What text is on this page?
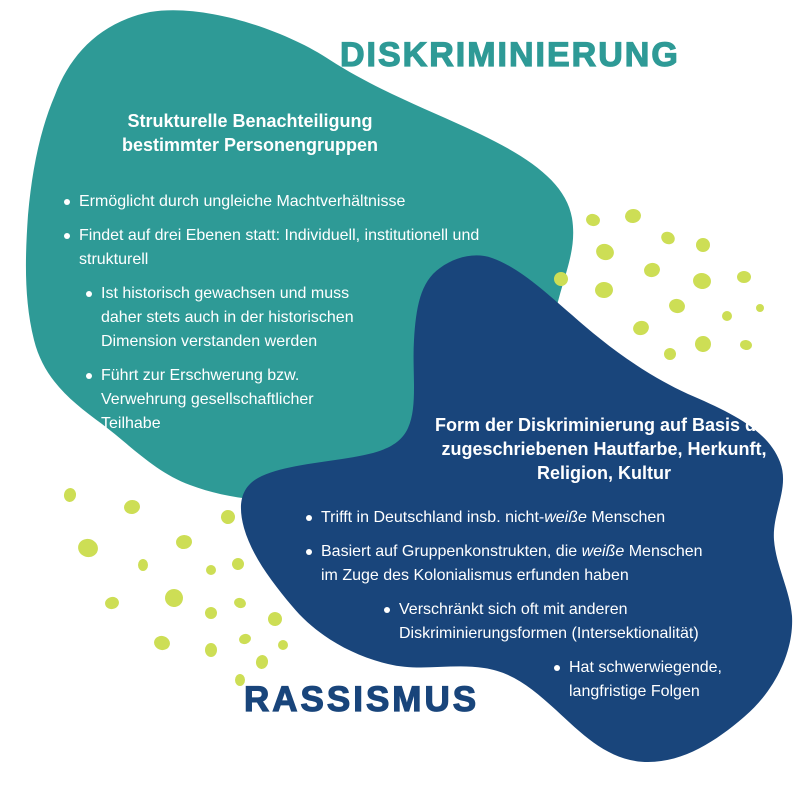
DISKRIMINIERUNG
Strukturelle Benachteiligung bestimmter Personengruppen
Ermöglicht durch ungleiche Machtverhältnisse
Findet auf drei Ebenen statt: Individuell, institutionell und strukturell
Ist historisch gewachsen und muss daher stets auch in der historischen Dimension verstanden werden
Führt zur Erschwerung bzw. Verwehrung gesellschaftlicher Teilhabe	Form der Diskriminierung auf Basis der zugeschriebenen Hautfarbe, Herkunft, Religion, Kultur
Trifft in Deutschland insb. nicht-weiße Menschen
Basiert auf Gruppenkonstrukten, die weiße Menschen im Zuge des Kolonialismus erfunden haben
Verschränkt sich oft mit anderen Diskriminierungsformen (Intersektionalität)
Hat schwerwiegende, langfristige Folgen
RASSISMUS
